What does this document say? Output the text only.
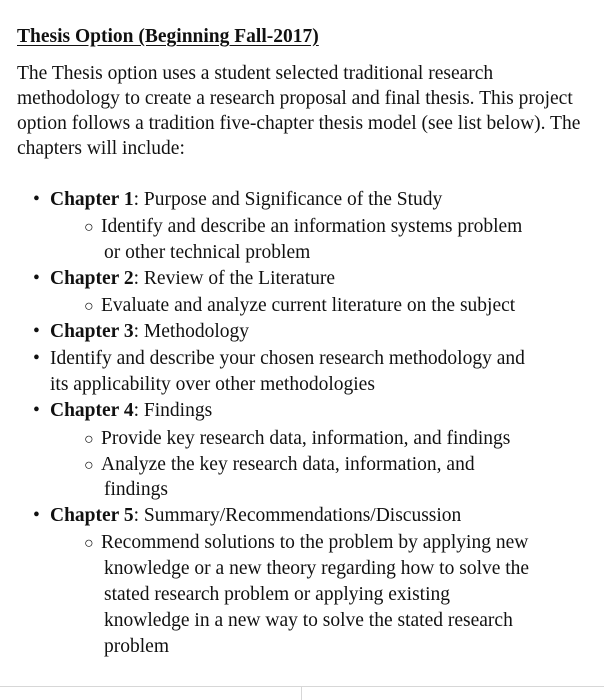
Thesis Option (Beginning Fall-2017)

The Thesis option uses a student selected traditional research methodology to create a research proposal and final thesis. This project option follows a tradition five-chapter thesis model (see list below). The chapters will include:

• Chapter 1: Purpose and Significance of the Study
○ Identify and describe an information systems problem
or other technical problem
• Chapter 2: Review of the Literature
○ Evaluate and analyze current literature on the subject
• Chapter 3: Methodology
• Identify and describe your chosen research methodology and
its applicability over other methodologies
• Chapter 4: Findings
○ Provide key research data, information, and findings
○ Analyze the key research data, information, and
findings
• Chapter 5: Summary/Recommendations/Discussion
○ Recommend solutions to the problem by applying new
knowledge or a new theory regarding how to solve the
stated research problem or applying existing
knowledge in a new way to solve the stated research
problem
